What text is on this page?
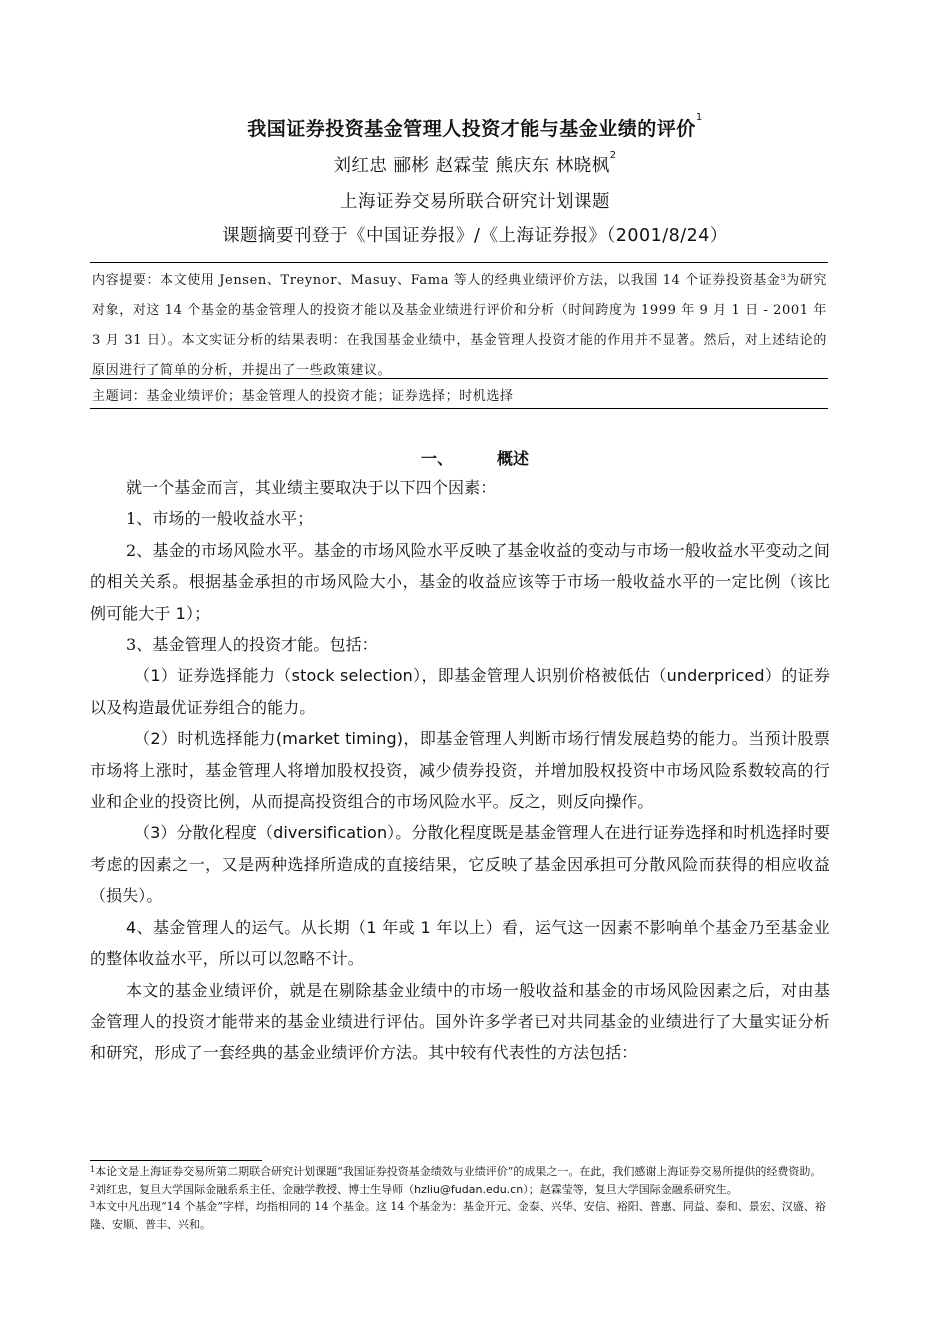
我国证券投资基金管理人投资才能与基金业绩的评价$^1$
刘红忠 郦彬 赵霖莹 熊庆东 林晓枫$^2$
上海证券交易所联合研究计划课题
课题摘要刊登于《中国证券报》/《上海证券报》（2001/8/24）
内容提要：本文使用 Jensen、Treynor、Masuy、Fama 等人的经典业绩评价方法，以我国 14 个证券投资基金$^3$为研究对象，对这 14 个基金的基金管理人的投资才能以及基金业绩进行评价和分析（时间跨度为 1999 年 9 月 1 日 - 2001 年 3 月 31 日）。本文实证分析的结果表明：在我国基金业绩中，基金管理人投资才能的作用并不显著。然后，对上述结论的原因进行了简单的分析，并提出了一些政策建议。
主题词：基金业绩评价；基金管理人的投资才能；证券选择；时机选择
一、	概述

就一个基金而言，其业绩主要取决于以下四个因素：

1、市场的一般收益水平；

2、基金的市场风险水平。基金的市场风险水平反映了基金收益的变动与市场一般收益水平变动之间的相关关系。根据基金承担的市场风险大小，基金的收益应该等于市场一般收益水平的一定比例（该比例可能大于 1）；

3、基金管理人的投资才能。包括：

（1）证券选择能力（stock selection），即基金管理人识别价格被低估（underpriced）的证券以及构造最优证券组合的能力。

（2）时机选择能力(market timing)，即基金管理人判断市场行情发展趋势的能力。当预计股票市场将上涨时，基金管理人将增加股权投资，减少债券投资，并增加股权投资中市场风险系数较高的行业和企业的投资比例，从而提高投资组合的市场风险水平。反之，则反向操作。

（3）分散化程度（diversification）。分散化程度既是基金管理人在进行证券选择和时机选择时要考虑的因素之一，又是两种选择所造成的直接结果，它反映了基金因承担可分散风险而获得的相应收益（损失）。

4、基金管理人的运气。从长期（1 年或 1 年以上）看，运气这一因素不影响单个基金乃至基金业的整体收益水平，所以可以忽略不计。

本文的基金业绩评价，就是在剔除基金业绩中的市场一般收益和基金的市场风险因素之后，对由基金管理人的投资才能带来的基金业绩进行评估。国外许多学者已对共同基金的业绩进行了大量实证分析和研究，形成了一套经典的基金业绩评价方法。其中较有代表性的方法包括：

$^1$本论文是上海证券交易所第二期联合研究计划课题“我国证券投资基金绩效与业绩评价”的成果之一。在此，我们感谢上海证券交易所提供的经费资助。

$^2$刘红忠，复旦大学国际金融系系主任、金融学教授、博士生导师（hzliu@fudan.edu.cn）；赵霖莹等，复旦大学国际金融系研究生。

$^3$本文中凡出现“14 个基金”字样，均指相同的 14 个基金。这 14 个基金为：基金开元、金泰、兴华、安信、裕阳、普惠、同益、泰和、景宏、汉盛、裕隆、安顺、普丰、兴和。
